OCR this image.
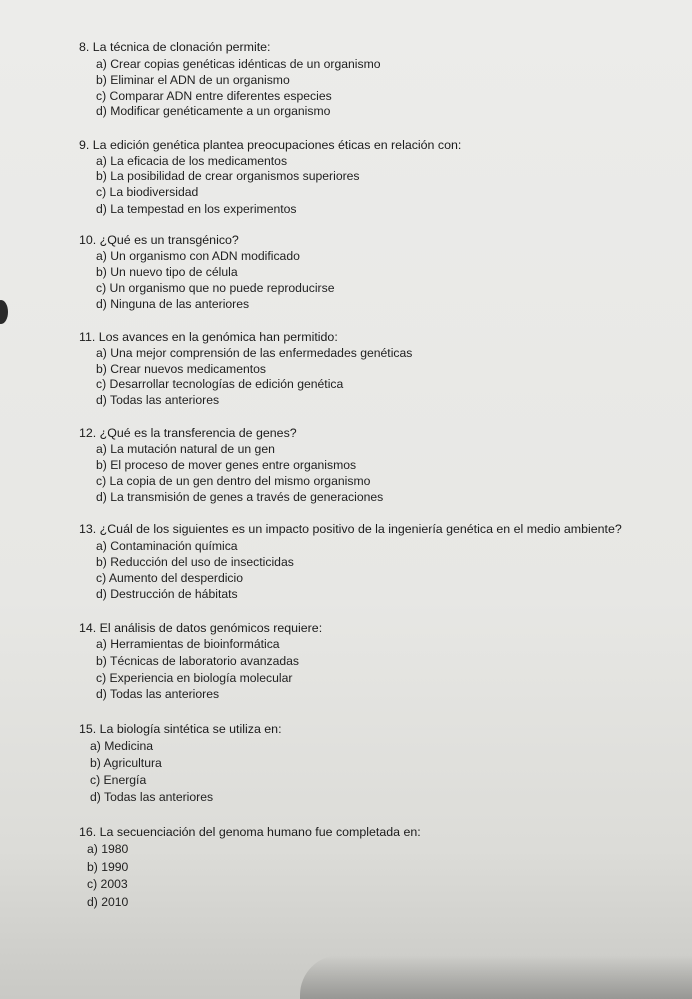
8. La técnica de clonación permite:
a) Crear copias genéticas idénticas de un organismo
b) Eliminar el ADN de un organismo
c) Comparar ADN entre diferentes especies
d) Modificar genéticamente a un organismo
9. La edición genética plantea preocupaciones éticas en relación con:
a) La eficacia de los medicamentos
b) La posibilidad de crear organismos superiores
c) La biodiversidad
d) La tempestad en los experimentos
10. ¿Qué es un transgénico?
a) Un organismo con ADN modificado
b) Un nuevo tipo de célula
c) Un organismo que no puede reproducirse
d) Ninguna de las anteriores
11. Los avances en la genómica han permitido:
a) Una mejor comprensión de las enfermedades genéticas
b) Crear nuevos medicamentos
c) Desarrollar tecnologías de edición genética
d) Todas las anteriores
12. ¿Qué es la transferencia de genes?
a) La mutación natural de un gen
b) El proceso de mover genes entre organismos
c) La copia de un gen dentro del mismo organismo
d) La transmisión de genes a través de generaciones
13. ¿Cuál de los siguientes es un impacto positivo de la ingeniería genética en el medio ambiente?
a) Contaminación química
b) Reducción del uso de insecticidas
c) Aumento del desperdicio
d) Destrucción de hábitats
14. El análisis de datos genómicos requiere:
a) Herramientas de bioinformática
b) Técnicas de laboratorio avanzadas
c) Experiencia en biología molecular
d) Todas las anteriores
15. La biología sintética se utiliza en:
a) Medicina
b) Agricultura
c) Energía
d) Todas las anteriores
16. La secuenciación del genoma humano fue completada en:
a) 1980
b) 1990
c) 2003
d) 2010
